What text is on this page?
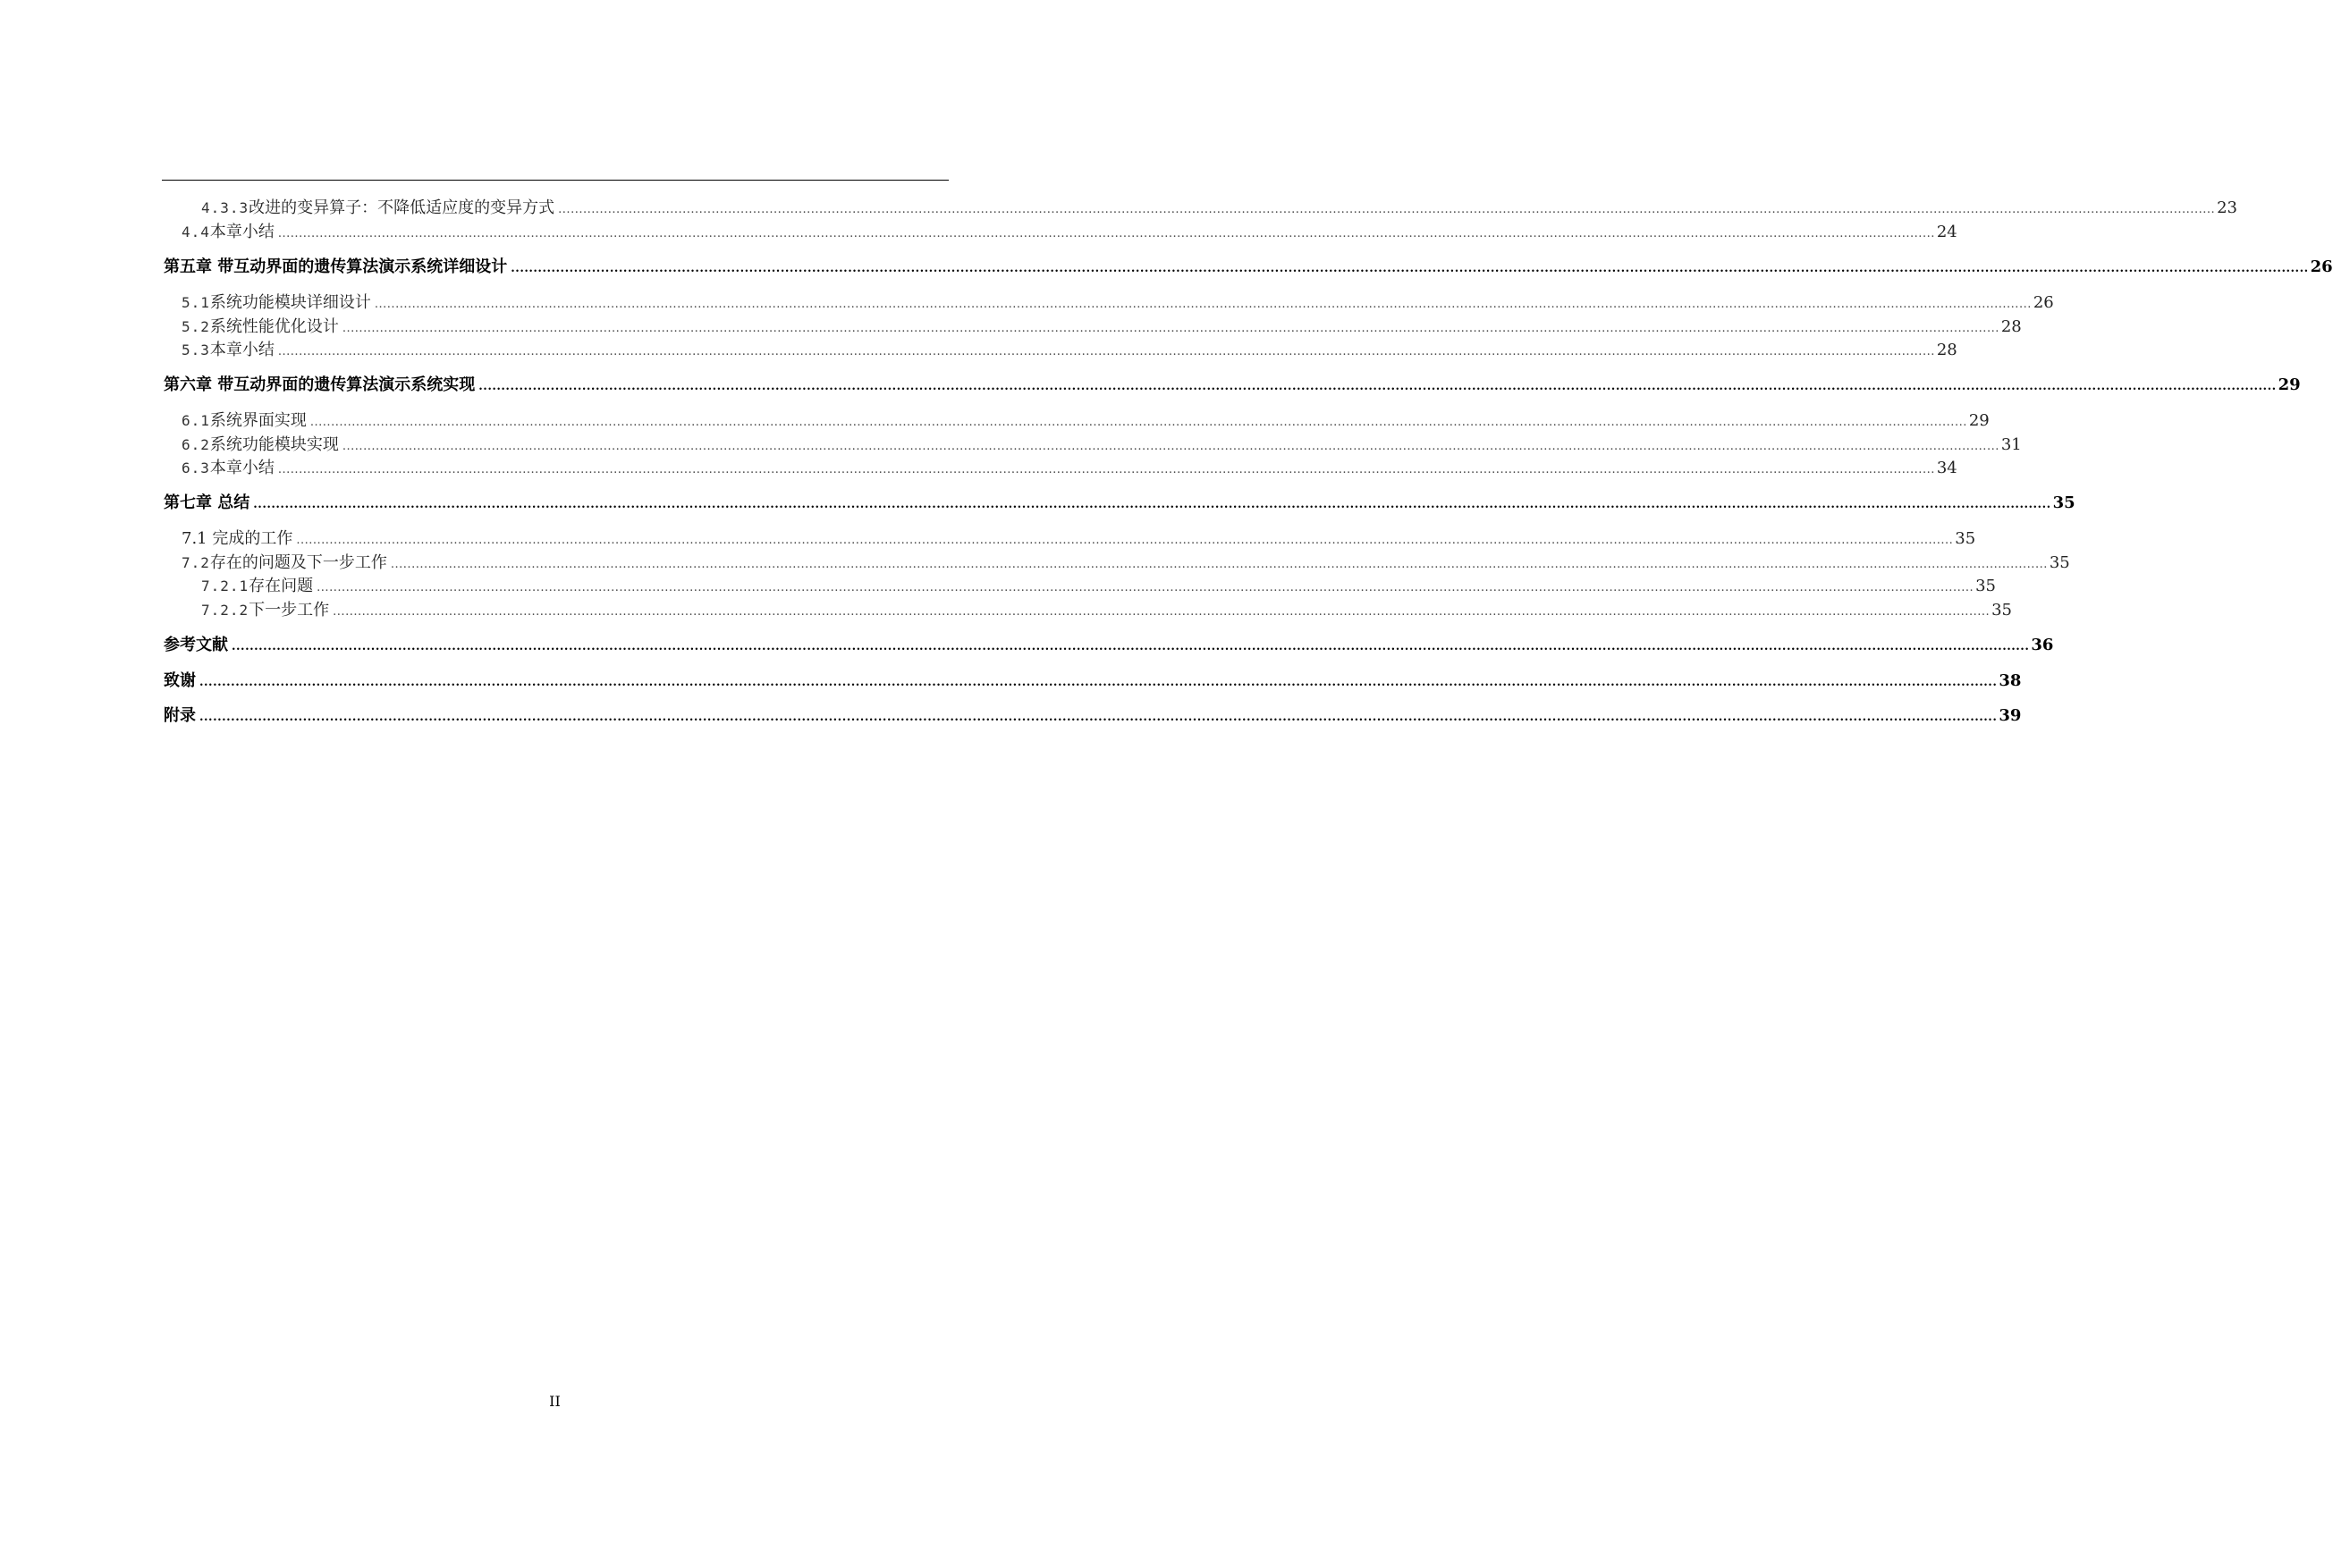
4.3.3 改进的变异算子：不降低适应度的变异方式 ................................................................................................................................................................................................................................................................................................................................................................................................................ 23
4.4 本章小结 ................................................................................................................................................................................................................................................................................................................................................................................................................ 24
第五章 带互动界面的遗传算法演示系统详细设计 ................................................................................................................................................................................................................................................................................................................................................................................................................ 26
5.1 系统功能模块详细设计 ................................................................................................................................................................................................................................................................................................................................................................................................................ 26
5.2 系统性能优化设计 ................................................................................................................................................................................................................................................................................................................................................................................................................ 28
5.3 本章小结 ................................................................................................................................................................................................................................................................................................................................................................................................................ 28
第六章 带互动界面的遗传算法演示系统实现 ................................................................................................................................................................................................................................................................................................................................................................................................................ 29
6.1 系统界面实现 ................................................................................................................................................................................................................................................................................................................................................................................................................ 29
6.2 系统功能模块实现 ................................................................................................................................................................................................................................................................................................................................................................................................................ 31
6.3 本章小结 ................................................................................................................................................................................................................................................................................................................................................................................................................ 34
第七章 总结 ................................................................................................................................................................................................................................................................................................................................................................................................................ 35
7.1 完成的工作 ................................................................................................................................................................................................................................................................................................................................................................................................................ 35
7.2 存在的问题及下一步工作 ................................................................................................................................................................................................................................................................................................................................................................................................................ 35
7.2.1 存在问题 ................................................................................................................................................................................................................................................................................................................................................................................................................ 35
7.2.2 下一步工作 ................................................................................................................................................................................................................................................................................................................................................................................................................ 35
参考文献 ................................................................................................................................................................................................................................................................................................................................................................................................................ 36
致谢 ................................................................................................................................................................................................................................................................................................................................................................................................................ 38
附录 ................................................................................................................................................................................................................................................................................................................................................................................................................ 39
II
